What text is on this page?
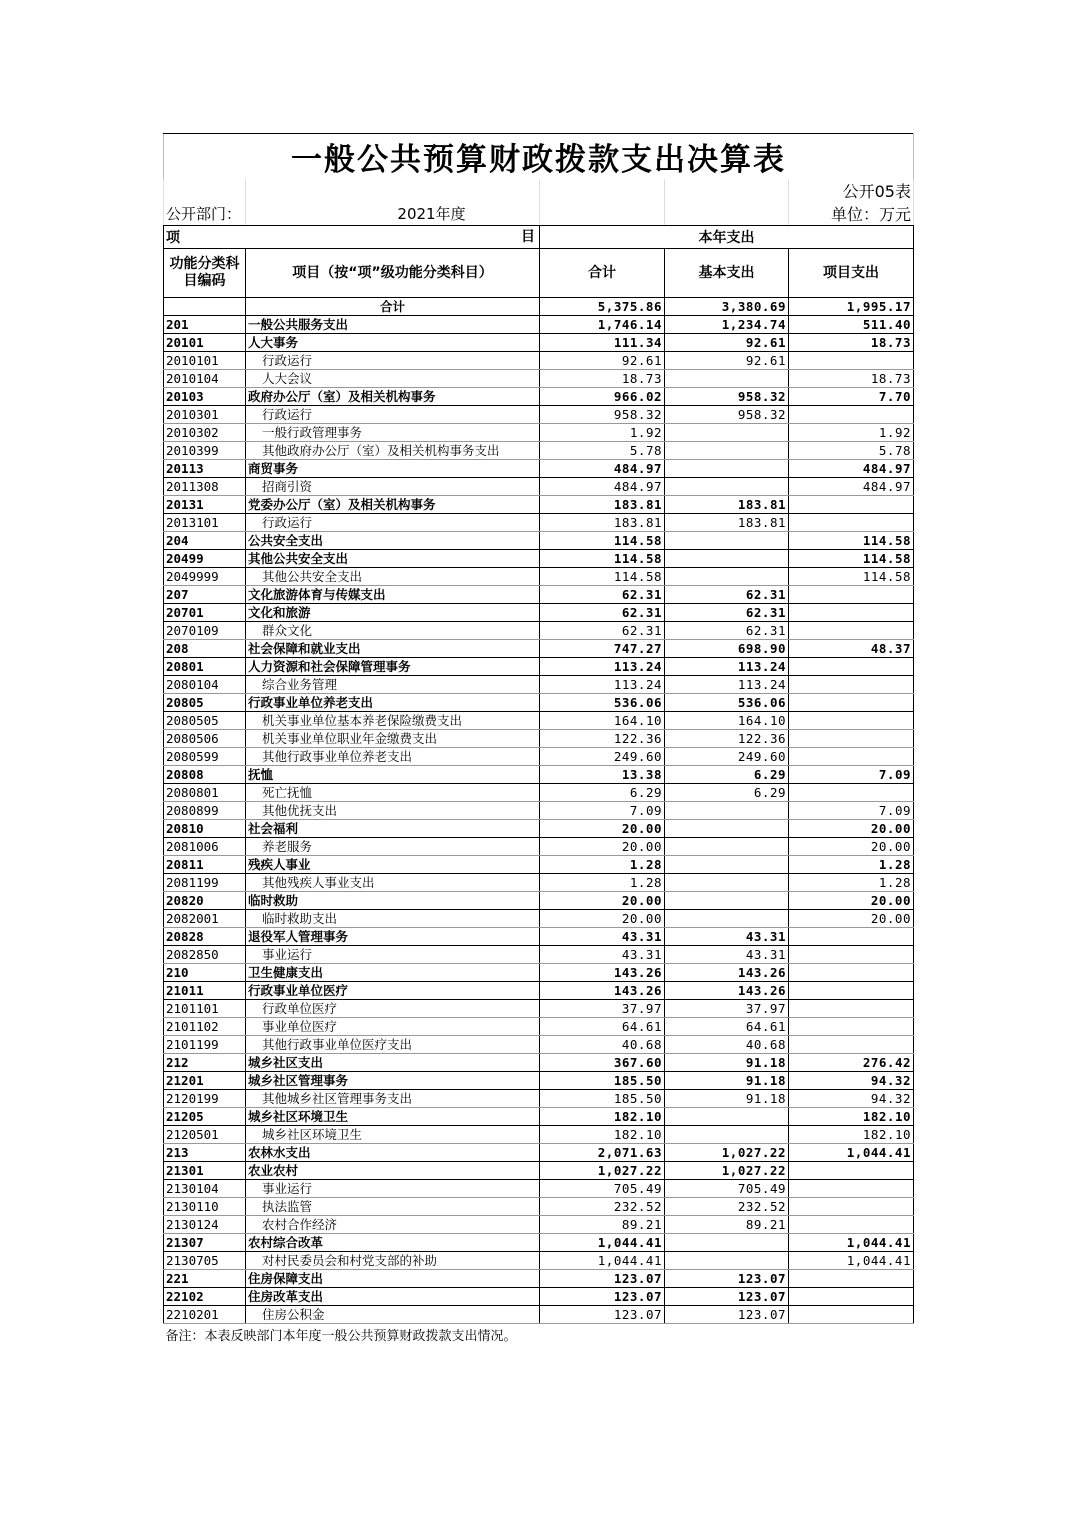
一般公共预算财政拨款支出决算表				
				公开05表
公开部门：	2021年度			单位：万元
项 目		本年支出		
功能分类科目编码	项目（按“项”级功能分类科目）	合计	基本支出	项目支出
	合计	5,375.86	3,380.69	1,995.17
201	一般公共服务支出	1,746.14	1,234.74	511.40
20101	人大事务	111.34	92.61	18.73
2010101	行政运行	92.61	92.61	
2010104	人大会议	18.73		18.73
20103	政府办公厅（室）及相关机构事务	966.02	958.32	7.70
2010301	行政运行	958.32	958.32	
2010302	一般行政管理事务	1.92		1.92
2010399	其他政府办公厅（室）及相关机构事务支出	5.78		5.78
20113	商贸事务	484.97		484.97
2011308	招商引资	484.97		484.97
20131	党委办公厅（室）及相关机构事务	183.81	183.81	
2013101	行政运行	183.81	183.81	
204	公共安全支出	114.58		114.58
20499	其他公共安全支出	114.58		114.58
2049999	其他公共安全支出	114.58		114.58
207	文化旅游体育与传媒支出	62.31	62.31	
20701	文化和旅游	62.31	62.31	
2070109	群众文化	62.31	62.31	
208	社会保障和就业支出	747.27	698.90	48.37
20801	人力资源和社会保障管理事务	113.24	113.24	
2080104	综合业务管理	113.24	113.24	
20805	行政事业单位养老支出	536.06	536.06	
2080505	机关事业单位基本养老保险缴费支出	164.10	164.10	
2080506	机关事业单位职业年金缴费支出	122.36	122.36	
2080599	其他行政事业单位养老支出	249.60	249.60	
20808	抚恤	13.38	6.29	7.09
2080801	死亡抚恤	6.29	6.29	
2080899	其他优抚支出	7.09		7.09
20810	社会福利	20.00		20.00
2081006	养老服务	20.00		20.00
20811	残疾人事业	1.28		1.28
2081199	其他残疾人事业支出	1.28		1.28
20820	临时救助	20.00		20.00
2082001	临时救助支出	20.00		20.00
20828	退役军人管理事务	43.31	43.31	
2082850	事业运行	43.31	43.31	
210	卫生健康支出	143.26	143.26	
21011	行政事业单位医疗	143.26	143.26	
2101101	行政单位医疗	37.97	37.97	
2101102	事业单位医疗	64.61	64.61	
2101199	其他行政事业单位医疗支出	40.68	40.68	
212	城乡社区支出	367.60	91.18	276.42
21201	城乡社区管理事务	185.50	91.18	94.32
2120199	其他城乡社区管理事务支出	185.50	91.18	94.32
21205	城乡社区环境卫生	182.10		182.10
2120501	城乡社区环境卫生	182.10		182.10
213	农林水支出	2,071.63	1,027.22	1,044.41
21301	农业农村	1,027.22	1,027.22	
2130104	事业运行	705.49	705.49	
2130110	执法监管	232.52	232.52	
2130124	农村合作经济	89.21	89.21	
21307	农村综合改革	1,044.41		1,044.41
2130705	对村民委员会和村党支部的补助	1,044.41		1,044.41
221	住房保障支出	123.07	123.07	
22102	住房改革支出	123.07	123.07	
2210201	住房公积金	123.07	123.07	
备注：本表反映部门本年度一般公共预算财政拨款支出情况。				
